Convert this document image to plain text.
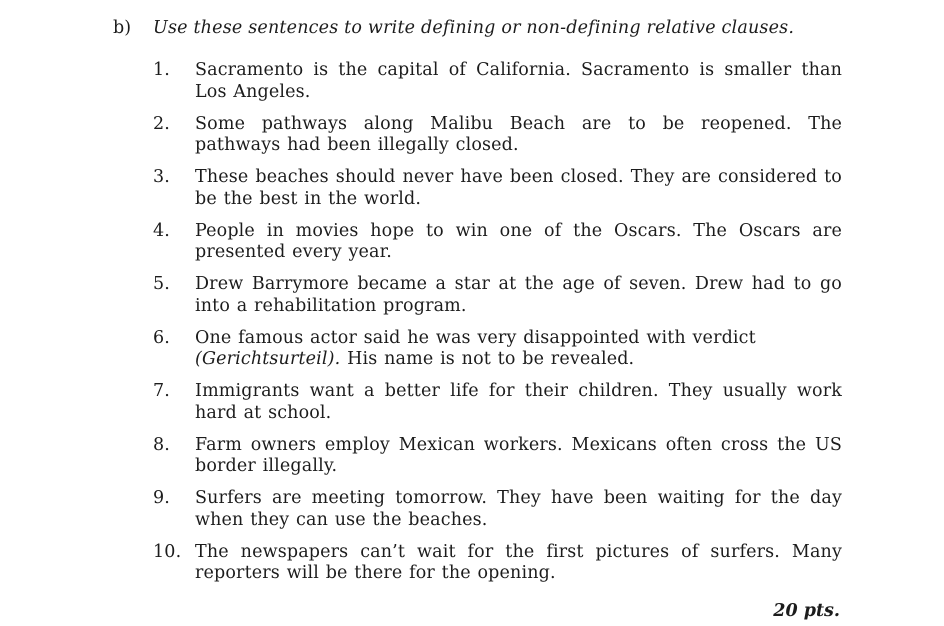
b) Use these sentences to write defining or non-defining relative clauses.
1.	Sacramento is the capital of California. Sacramento is smaller than Los Angeles.
2.	Some pathways along Malibu Beach are to be reopened. The pathways had been illegally closed.
3.	These beaches should never have been closed. They are considered to be the best in the world.
4.	People in movies hope to win one of the Oscars. The Oscars are presented every year.
5.	Drew Barrymore became a star at the age of seven. Drew had to go into a rehabilitation program.
6.	One famous actor said he was very disappointed with verdict
(Gerichtsurteil). His name is not to be revealed.
7.	Immigrants want a better life for their children. They usually work hard at school.
8.	Farm owners employ Mexican workers. Mexicans often cross the US border illegally.
9.	Surfers are meeting tomorrow. They have been waiting for the day when they can use the beaches.
10. The newspapers can’t wait for the first pictures of surfers. Many reporters will be there for the opening.
20 pts.
